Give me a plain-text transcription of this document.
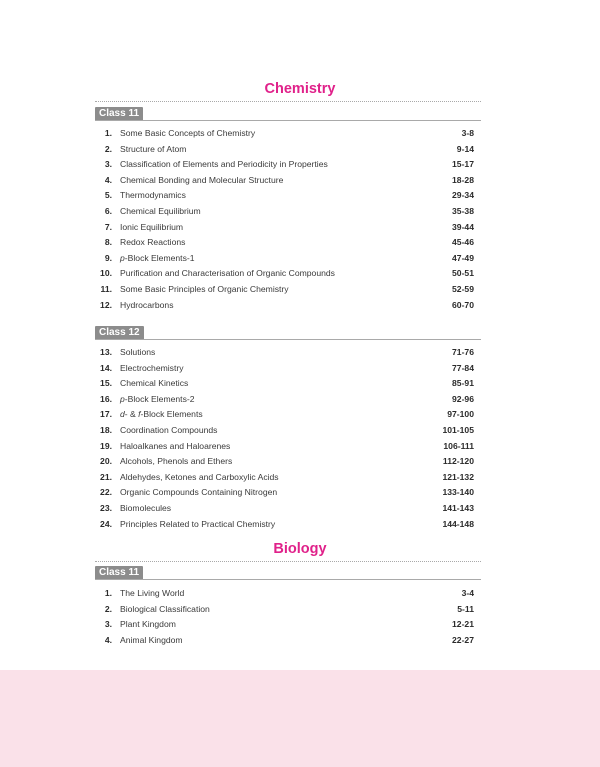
Chemistry
Class 11
1. Some Basic Concepts of Chemistry	3-8
2. Structure of Atom	9-14
3. Classification of Elements and Periodicity in Properties	15-17
4. Chemical Bonding and Molecular Structure	18-28
5. Thermodynamics	29-34
6. Chemical Equilibrium	35-38
7. Ionic Equilibrium	39-44
8. Redox Reactions	45-46
9. p-Block Elements-1	47-49
10. Purification and Characterisation of Organic Compounds	50-51
11. Some Basic Principles of Organic Chemistry	52-59
12. Hydrocarbons	60-70
Class 12
13. Solutions	71-76
14. Electrochemistry	77-84
15. Chemical Kinetics	85-91
16. p-Block Elements-2	92-96
17. d- & f-Block Elements	97-100
18. Coordination Compounds	101-105
19. Haloalkanes and Haloarenes	106-111
20. Alcohols, Phenols and Ethers	112-120
21. Aldehydes, Ketones and Carboxylic Acids	121-132
22. Organic Compounds Containing Nitrogen	133-140
23. Biomolecules	141-143
24. Principles Related to Practical Chemistry	144-148
Biology
Class 11
1. The Living World	3-4
2. Biological Classification	5-11
3. Plant Kingdom	12-21
4. Animal Kingdom	22-27
